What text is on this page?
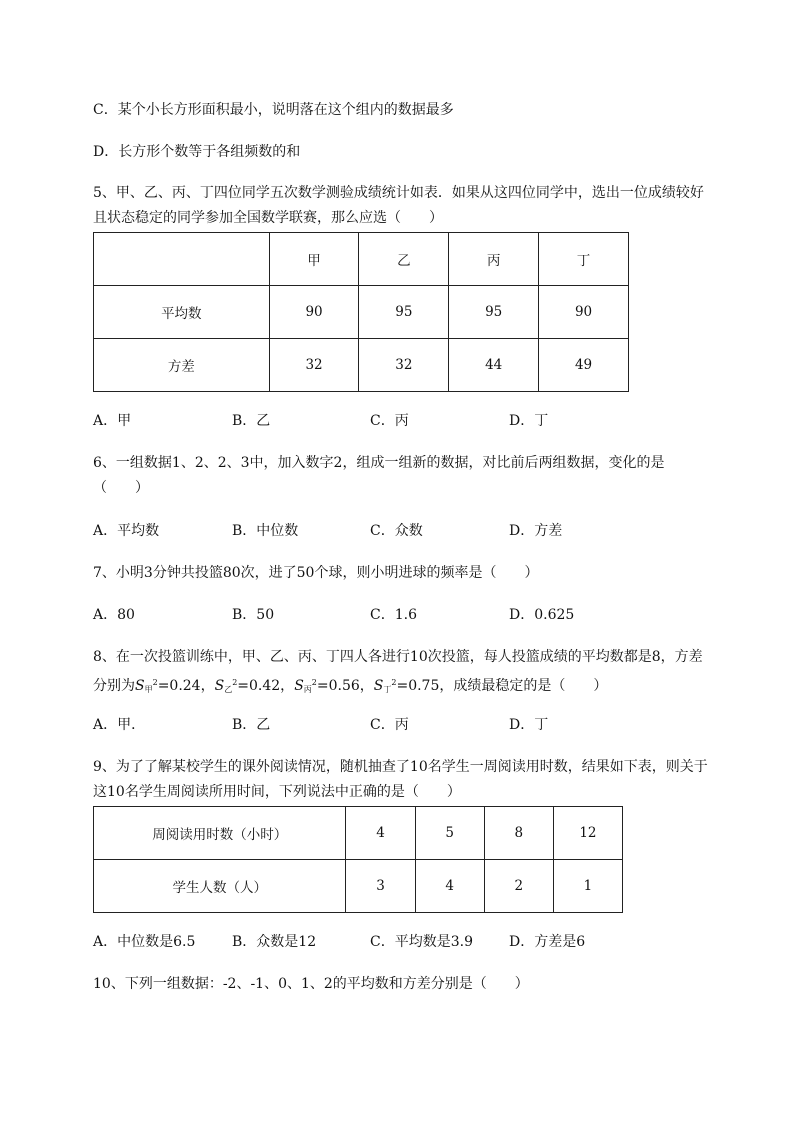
C．某个小长方形面积最小，说明落在这个组内的数据最多
D．长方形个数等于各组频数的和
5、甲、乙、丙、丁四位同学五次数学测验成绩统计如表．如果从这四位同学中，选出一位成绩较好
且状态稳定的同学参加全国数学联赛，那么应选（　　）
	甲	乙	丙	丁
平均数	90	95	95	90
方差	32	32	44	49
A．甲	B．乙	C．丙	D．丁
6、一组数据1、2、2、3中，加入数字2，组成一组新的数据，对比前后两组数据，变化的是
（　　）
A．平均数	B．中位数	C．众数	D．方差
7、小明3分钟共投篮80次，进了50个球，则小明进球的频率是（　　）
A．80	B．50	C．1.6	D．0.625
8、在一次投篮训练中，甲、乙、丙、丁四人各进行10次投篮，每人投篮成绩的平均数都是8，方差
分别为$S_甲^2=0.24$，$S_乙^2=0.42$，$S_丙^2=0.56$，$S_丁^2=0.75$，成绩最稳定的是（　　）
A．甲．	B．乙	C．丙	D．丁
9、为了了解某校学生的课外阅读情况，随机抽查了10名学生一周阅读用时数，结果如下表，则关于
这10名学生周阅读所用时间，下列说法中正确的是（　　）
周阅读用时数（小时）	4	5	8	12
学生人数（人）	3	4	2	1
A．中位数是6.5	B．众数是12	C．平均数是3.9	D．方差是6
10、下列一组数据：-2、-1、0、1、2的平均数和方差分别是（　　）
